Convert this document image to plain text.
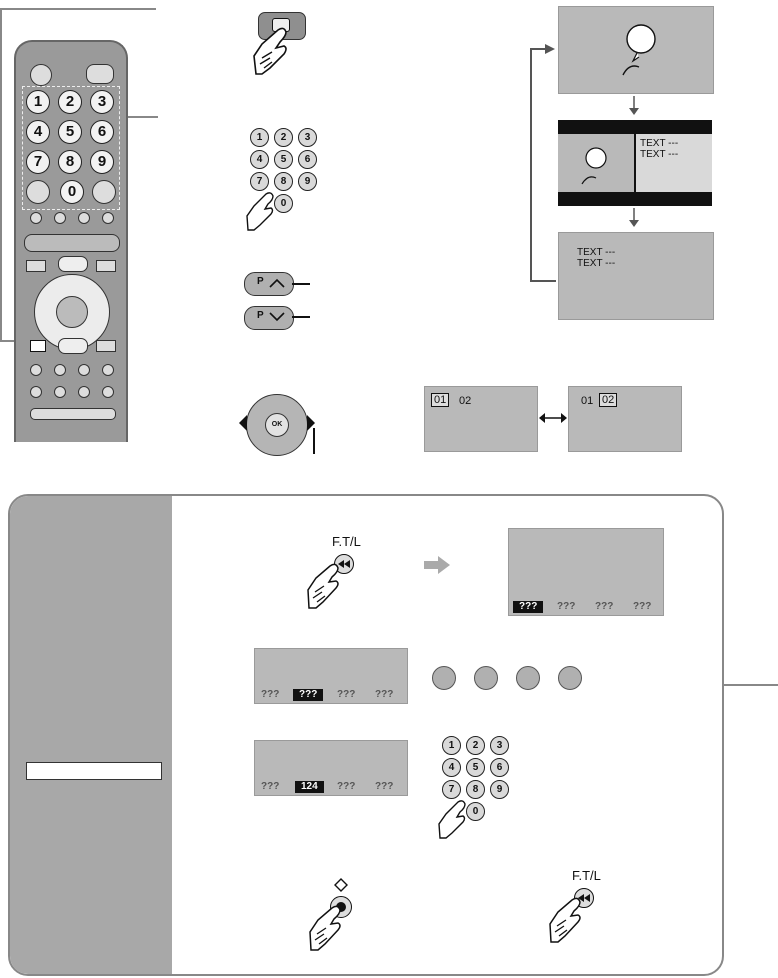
1	2	3
4	5	6
7	8	9
0
1	2	3
4	5	6
7	8	9
0
P
P
OK
TEXT ---
TEXT ---
TEXT ---
TEXT ---
01 02	01 02
F.T/L
???	??? ??? ???
???	???	??? ???
???	124	??? ???
1	2	3
4	5	6
7	8	9
0
F.T/L
